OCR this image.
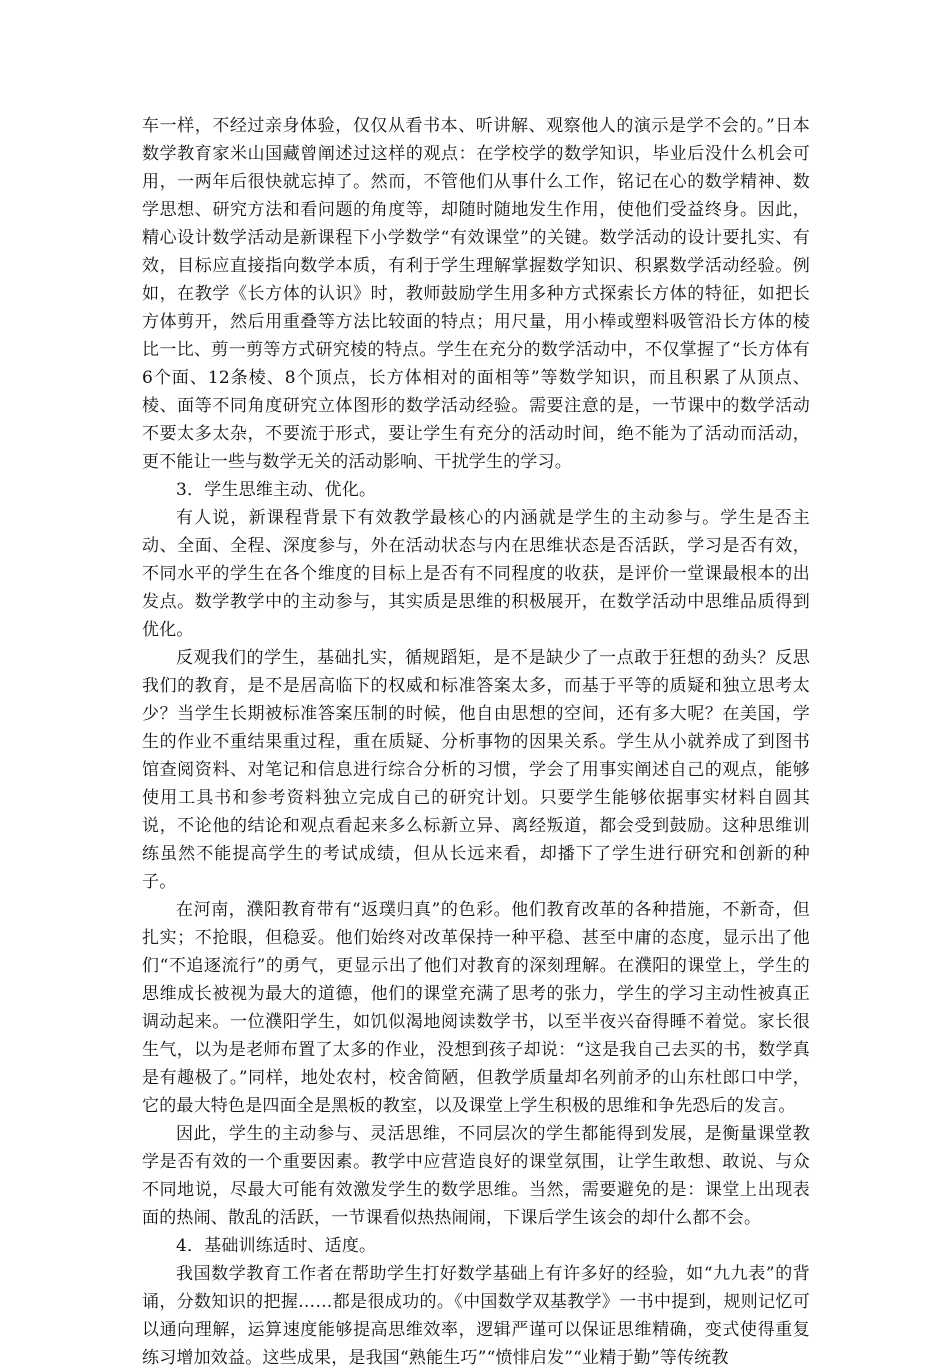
车一样，不经过亲身体验，仅仅从看书本、听讲解、观察他人的演示是学不会的。”日本数学教育家米山国藏曾阐述过这样的观点：在学校学的数学知识，毕业后没什么机会可用，一两年后很快就忘掉了。然而，不管他们从事什么工作，铭记在心的数学精神、数学思想、研究方法和看问题的角度等，却随时随地发生作用，使他们受益终身。因此，精心设计数学活动是新课程下小学数学“有效课堂”的关键。数学活动的设计要扎实、有效，目标应直接指向数学本质，有利于学生理解掌握数学知识、积累数学活动经验。例如，在教学《长方体的认识》时，教师鼓励学生用多种方式探索长方体的特征，如把长方体剪开，然后用重叠等方法比较面的特点；用尺量，用小棒或塑料吸管沿长方体的棱比一比、剪一剪等方式研究棱的特点。学生在充分的数学活动中，不仅掌握了“长方体有6个面、12条棱、8个顶点，长方体相对的面相等”等数学知识，而且积累了从顶点、棱、面等不同角度研究立体图形的数学活动经验。需要注意的是，一节课中的数学活动不要太多太杂，不要流于形式，要让学生有充分的活动时间，绝不能为了活动而活动，更不能让一些与数学无关的活动影响、干扰学生的学习。

3．学生思维主动、优化。

有人说，新课程背景下有效教学最核心的内涵就是学生的主动参与。学生是否主动、全面、全程、深度参与，外在活动状态与内在思维状态是否活跃，学习是否有效，不同水平的学生在各个维度的目标上是否有不同程度的收获，是评价一堂课最根本的出发点。数学教学中的主动参与，其实质是思维的积极展开，在数学活动中思维品质得到优化。

反观我们的学生，基础扎实，循规蹈矩，是不是缺少了一点敢于狂想的劲头？反思我们的教育，是不是居高临下的权威和标准答案太多，而基于平等的质疑和独立思考太少？当学生长期被标准答案压制的时候，他自由思想的空间，还有多大呢？在美国，学生的作业不重结果重过程，重在质疑、分析事物的因果关系。学生从小就养成了到图书馆查阅资料、对笔记和信息进行综合分析的习惯，学会了用事实阐述自己的观点，能够使用工具书和参考资料独立完成自己的研究计划。只要学生能够依据事实材料自圆其说，不论他的结论和观点看起来多么标新立异、离经叛道，都会受到鼓励。这种思维训练虽然不能提高学生的考试成绩，但从长远来看，却播下了学生进行研究和创新的种子。

在河南，濮阳教育带有“返璞归真”的色彩。他们教育改革的各种措施，不新奇，但扎实；不抢眼，但稳妥。他们始终对改革保持一种平稳、甚至中庸的态度，显示出了他们“不追逐流行”的勇气，更显示出了他们对教育的深刻理解。在濮阳的课堂上，学生的思维成长被视为最大的道德，他们的课堂充满了思考的张力，学生的学习主动性被真正调动起来。一位濮阳学生，如饥似渴地阅读数学书，以至半夜兴奋得睡不着觉。家长很生气，以为是老师布置了太多的作业，没想到孩子却说：“这是我自己去买的书，数学真是有趣极了。”同样，地处农村，校舍简陋，但教学质量却名列前矛的山东杜郎口中学，它的最大特色是四面全是黑板的教室，以及课堂上学生积极的思维和争先恐后的发言。

因此，学生的主动参与、灵活思维，不同层次的学生都能得到发展，是衡量课堂教学是否有效的一个重要因素。教学中应营造良好的课堂氛围，让学生敢想、敢说、与众不同地说，尽最大可能有效激发学生的数学思维。当然，需要避免的是：课堂上出现表面的热闹、散乱的活跃，一节课看似热热闹闹，下课后学生该会的却什么都不会。

4．基础训练适时、适度。

我国数学教育工作者在帮助学生打好数学基础上有许多好的经验，如“九九表”的背诵，分数知识的把握……都是很成功的。《中国数学双基教学》一书中提到，规则记忆可以通向理解，运算速度能够提高思维效率，逻辑严谨可以保证思维精确，变式使得重复练习增加效益。这些成果，是我国“熟能生巧”“愤悱启发”“业精于勤”等传统教
